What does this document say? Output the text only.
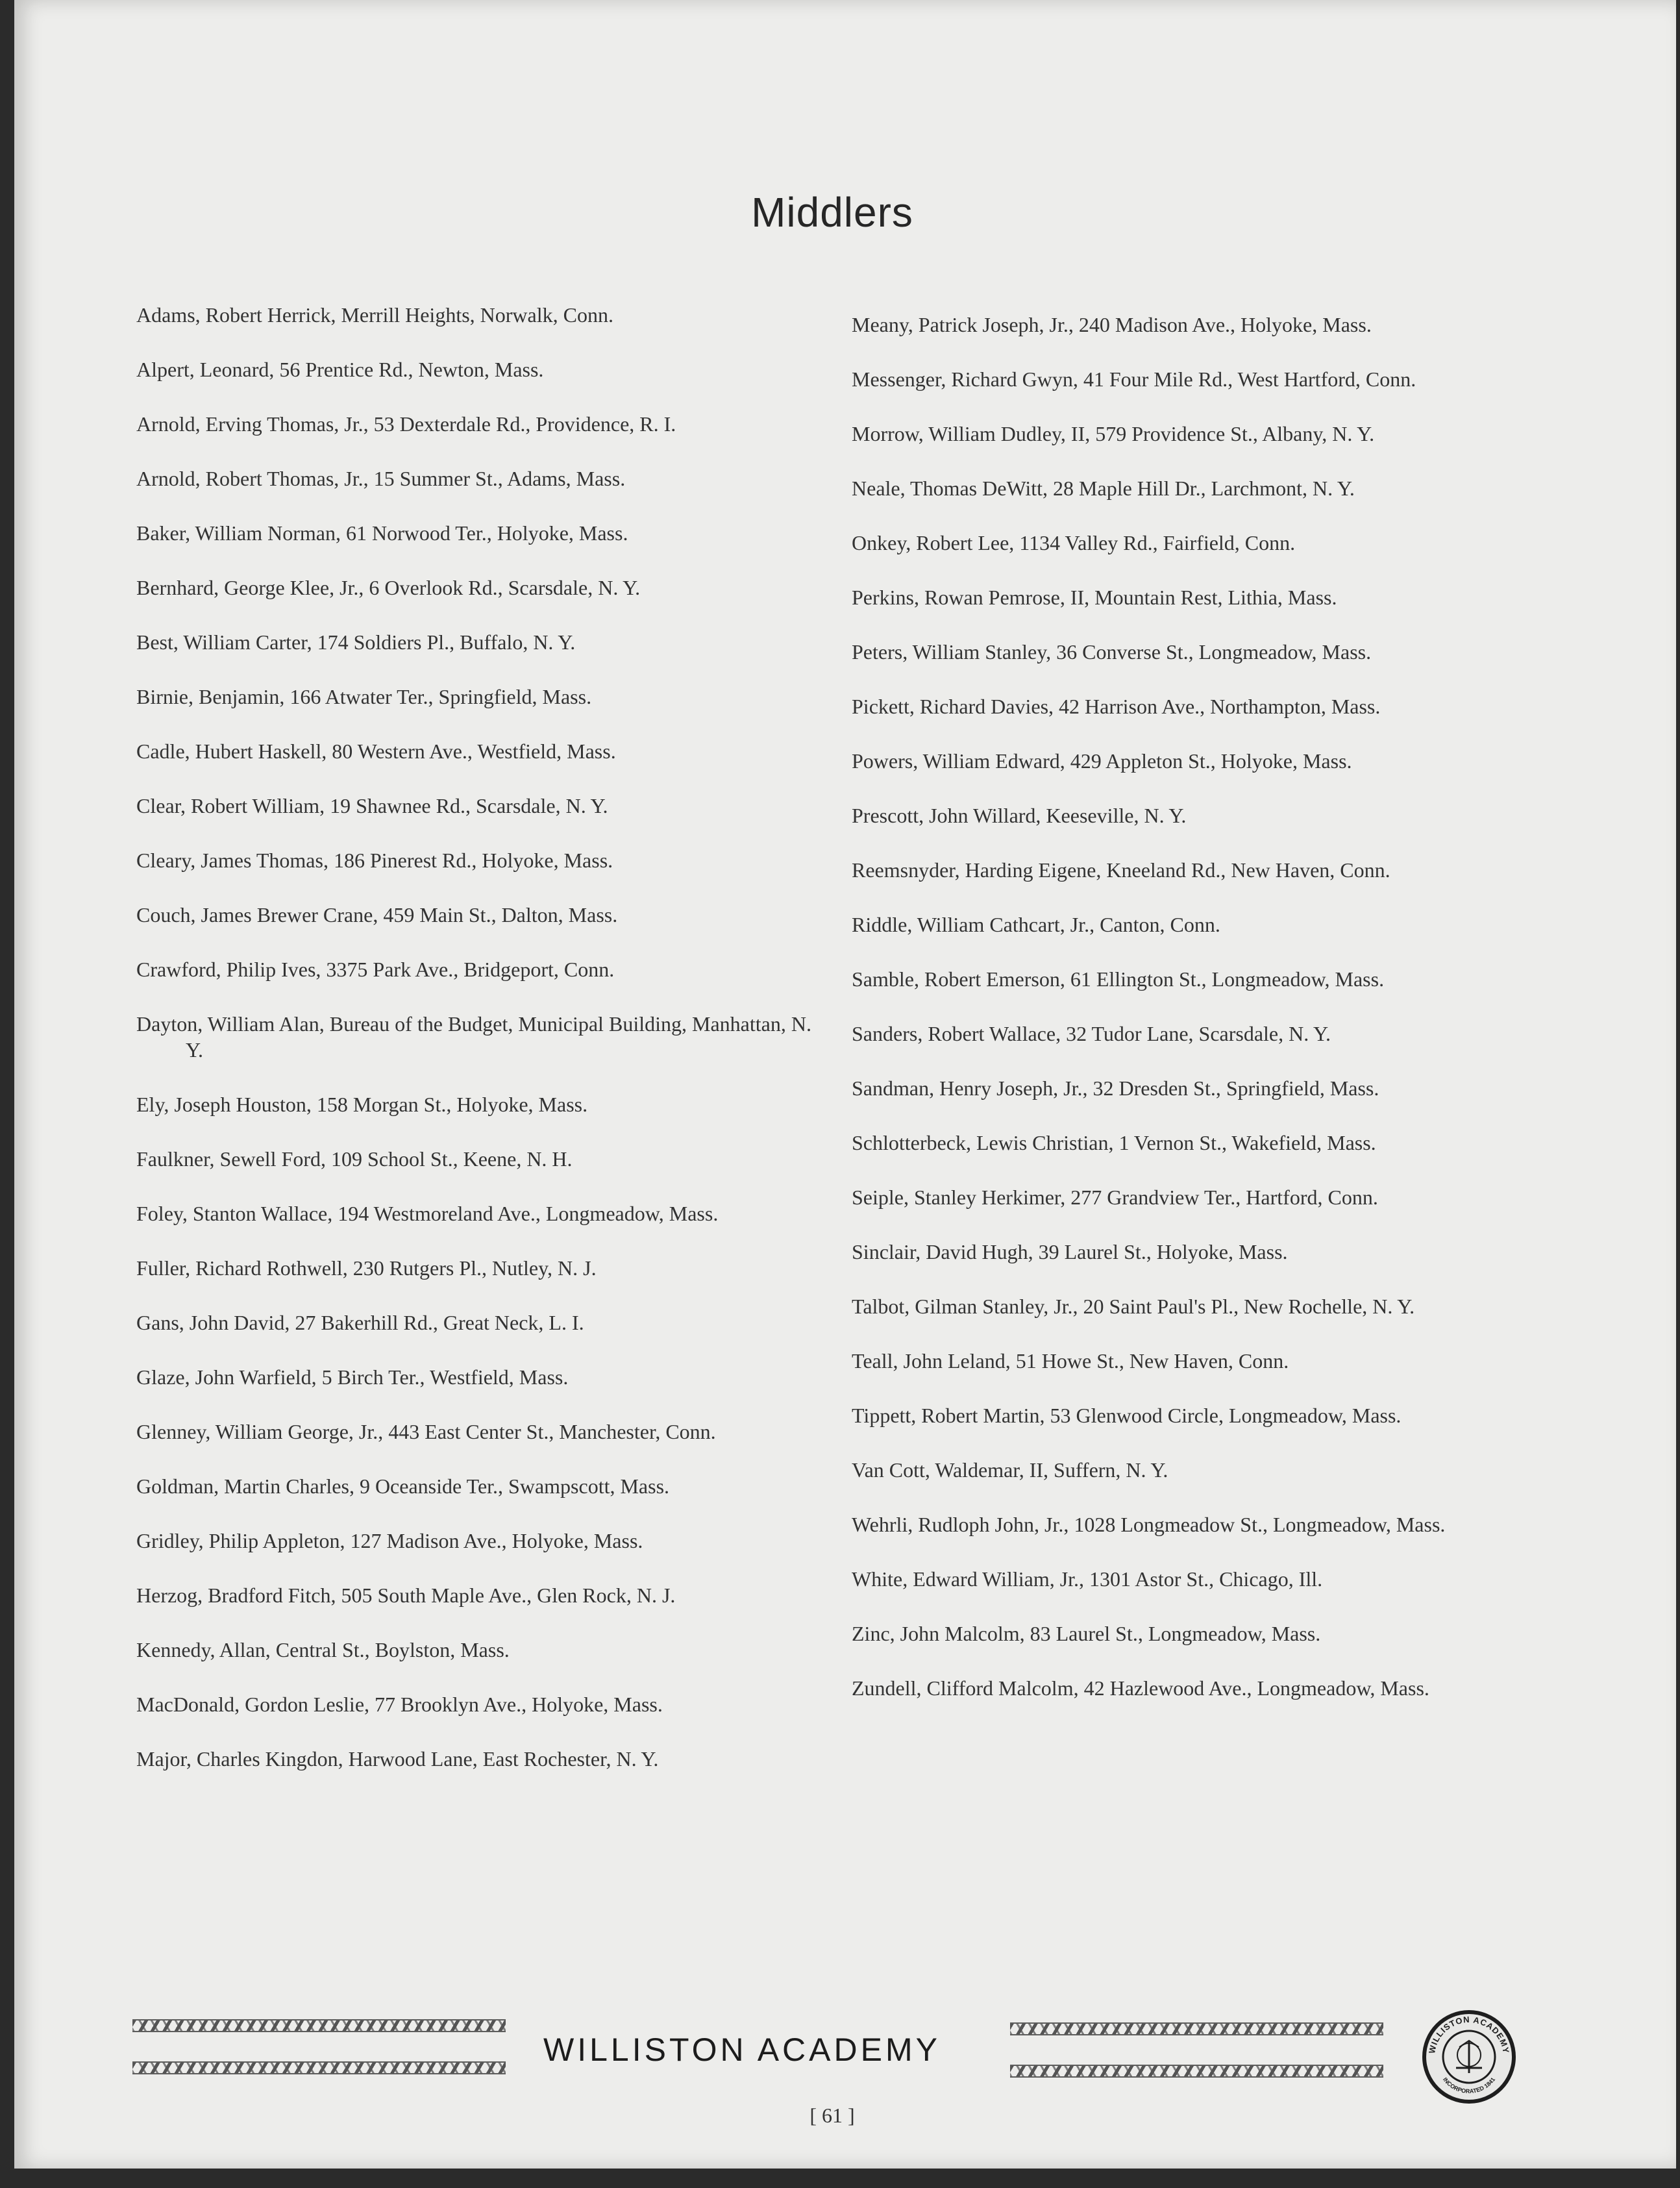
Middlers
Adams, Robert Herrick, Merrill Heights, Norwalk, Conn.
Alpert, Leonard, 56 Prentice Rd., Newton, Mass.
Arnold, Erving Thomas, Jr., 53 Dexterdale Rd., Providence, R. I.
Arnold, Robert Thomas, Jr., 15 Summer St., Adams, Mass.
Baker, William Norman, 61 Norwood Ter., Holyoke, Mass.
Bernhard, George Klee, Jr., 6 Overlook Rd., Scarsdale, N. Y.
Best, William Carter, 174 Soldiers Pl., Buffalo, N. Y.
Birnie, Benjamin, 166 Atwater Ter., Springfield, Mass.
Cadle, Hubert Haskell, 80 Western Ave., Westfield, Mass.
Clear, Robert William, 19 Shawnee Rd., Scarsdale, N. Y.
Cleary, James Thomas, 186 Pinerest Rd., Holyoke, Mass.
Couch, James Brewer Crane, 459 Main St., Dalton, Mass.
Crawford, Philip Ives, 3375 Park Ave., Bridgeport, Conn.
Dayton, William Alan, Bureau of the Budget, Municipal Building, Manhattan, N. Y.
Ely, Joseph Houston, 158 Morgan St., Holyoke, Mass.
Faulkner, Sewell Ford, 109 School St., Keene, N. H.
Foley, Stanton Wallace, 194 Westmoreland Ave., Longmeadow, Mass.
Fuller, Richard Rothwell, 230 Rutgers Pl., Nutley, N. J.
Gans, John David, 27 Bakerhill Rd., Great Neck, L. I.
Glaze, John Warfield, 5 Birch Ter., Westfield, Mass.
Glenney, William George, Jr., 443 East Center St., Manchester, Conn.
Goldman, Martin Charles, 9 Oceanside Ter., Swampscott, Mass.
Gridley, Philip Appleton, 127 Madison Ave., Holyoke, Mass.
Herzog, Bradford Fitch, 505 South Maple Ave., Glen Rock, N. J.
Kennedy, Allan, Central St., Boylston, Mass.
MacDonald, Gordon Leslie, 77 Brooklyn Ave., Holyoke, Mass.
Major, Charles Kingdon, Harwood Lane, East Rochester, N. Y.
Meany, Patrick Joseph, Jr., 240 Madison Ave., Holyoke, Mass.
Messenger, Richard Gwyn, 41 Four Mile Rd., West Hartford, Conn.
Morrow, William Dudley, II, 579 Providence St., Albany, N. Y.
Neale, Thomas DeWitt, 28 Maple Hill Dr., Larchmont, N. Y.
Onkey, Robert Lee, 1134 Valley Rd., Fairfield, Conn.
Perkins, Rowan Pemrose, II, Mountain Rest, Lithia, Mass.
Peters, William Stanley, 36 Converse St., Longmeadow, Mass.
Pickett, Richard Davies, 42 Harrison Ave., Northampton, Mass.
Powers, William Edward, 429 Appleton St., Holyoke, Mass.
Prescott, John Willard, Keeseville, N. Y.
Reemsnyder, Harding Eigene, Kneeland Rd., New Haven, Conn.
Riddle, William Cathcart, Jr., Canton, Conn.
Samble, Robert Emerson, 61 Ellington St., Longmeadow, Mass.
Sanders, Robert Wallace, 32 Tudor Lane, Scarsdale, N. Y.
Sandman, Henry Joseph, Jr., 32 Dresden St., Springfield, Mass.
Schlotterbeck, Lewis Christian, 1 Vernon St., Wakefield, Mass.
Seiple, Stanley Herkimer, 277 Grandview Ter., Hartford, Conn.
Sinclair, David Hugh, 39 Laurel St., Holyoke, Mass.
Talbot, Gilman Stanley, Jr., 20 Saint Paul's Pl., New Rochelle, N. Y.
Teall, John Leland, 51 Howe St., New Haven, Conn.
Tippett, Robert Martin, 53 Glenwood Circle, Longmeadow, Mass.
Van Cott, Waldemar, II, Suffern, N. Y.
Wehrli, Rudloph John, Jr., 1028 Longmeadow St., Longmeadow, Mass.
White, Edward William, Jr., 1301 Astor St., Chicago, Ill.
Zinc, John Malcolm, 83 Laurel St., Longmeadow, Mass.
Zundell, Clifford Malcolm, 42 Hazlewood Ave., Longmeadow, Mass.
WILLISTON ACADEMY	WILLISTON ACADEMY
INCORPORATED 1841
[ 61 ]
